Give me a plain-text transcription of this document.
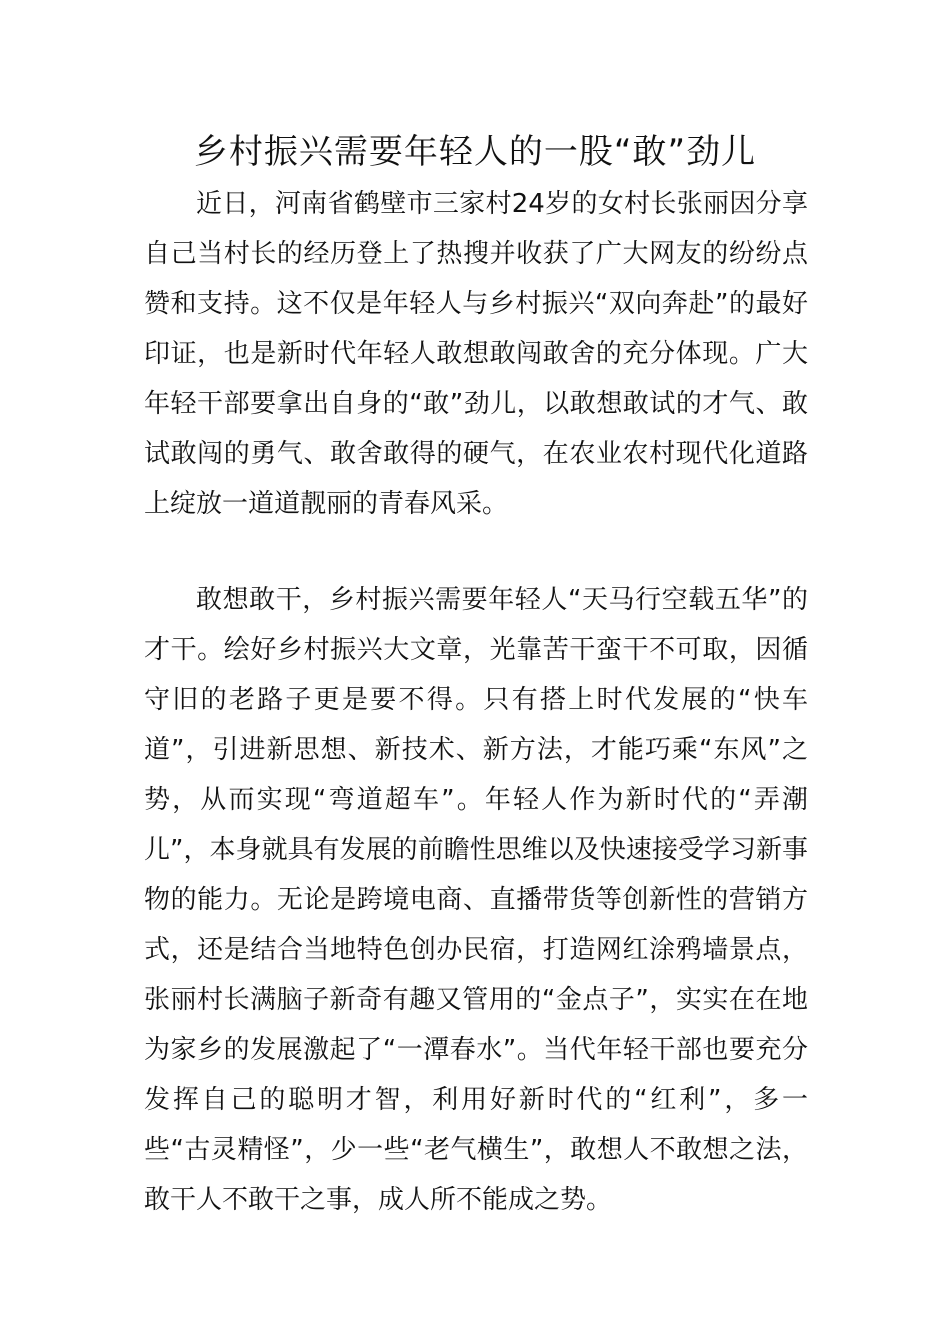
乡村振兴需要年轻人的一股“敢”劲儿

近日，河南省鹤壁市三家村24岁的女村长张丽因分享自己当村长的经历登上了热搜并收获了广大网友的纷纷点赞和支持。这不仅是年轻人与乡村振兴“双向奔赴”的最好印证，也是新时代年轻人敢想敢闯敢舍的充分体现。广大年轻干部要拿出自身的“敢”劲儿，以敢想敢试的才气、敢试敢闯的勇气、敢舍敢得的硬气，在农业农村现代化道路上绽放一道道靓丽的青春风采。

敢想敢干，乡村振兴需要年轻人“天马行空载五华”的才干。绘好乡村振兴大文章，光靠苦干蛮干不可取，因循守旧的老路子更是要不得。只有搭上时代发展的“快车道”，引进新思想、新技术、新方法，才能巧乘“东风”之势，从而实现“弯道超车”。年轻人作为新时代的“弄潮儿”，本身就具有发展的前瞻性思维以及快速接受学习新事物的能力。无论是跨境电商、直播带货等创新性的营销方式，还是结合当地特色创办民宿，打造网红涂鸦墙景点，张丽村长满脑子新奇有趣又管用的“金点子”，实实在在地为家乡的发展激起了“一潭春水”。当代年轻干部也要充分发挥自己的聪明才智，利用好新时代的“红利”，多一些“古灵精怪”，少一些“老气横生”，敢想人不敢想之法，敢干人不敢干之事，成人所不能成之势。
